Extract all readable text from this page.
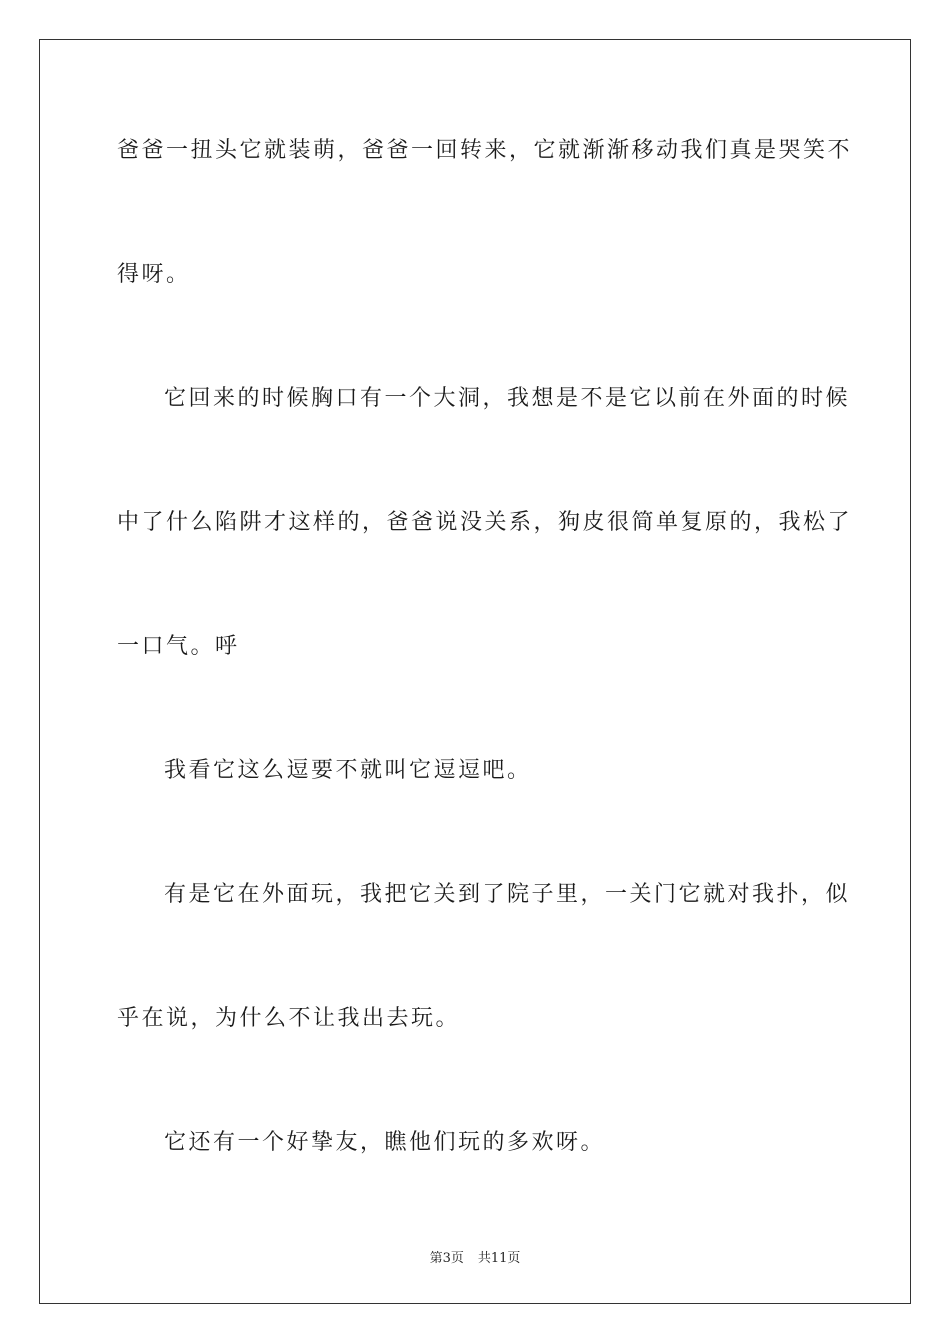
爸爸一扭头它就装萌，爸爸一回转来，它就渐渐移动我们真是哭笑不
得呀。
它回来的时候胸口有一个大洞，我想是不是它以前在外面的时候
中了什么陷阱才这样的，爸爸说没关系，狗皮很简单复原的，我松了
一口气。呼
我看它这么逗要不就叫它逗逗吧。
有是它在外面玩，我把它关到了院子里，一关门它就对我扑，似
乎在说，为什么不让我出去玩。
它还有一个好挚友，瞧他们玩的多欢呀。
第3页 共11页
